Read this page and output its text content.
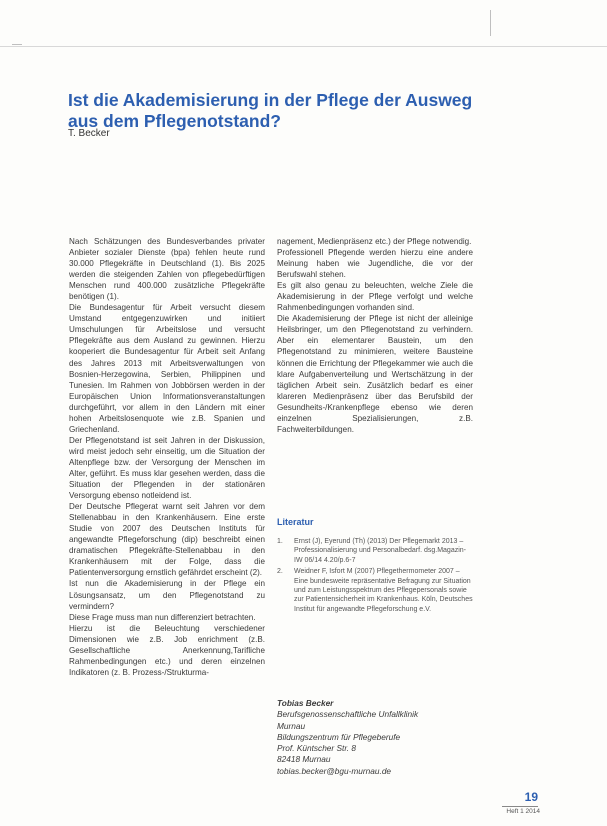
Ist die Akademisierung in der Pflege der Ausweg aus dem Pflegenotstand?
T. Becker

Nach Schätzungen des Bundesverbandes privater Anbieter sozialer Dienste (bpa) fehlen heute rund 30.000 Pflegekräfte in Deutschland (1). Bis 2025 werden die steigenden Zahlen von pflegebedürftigen Menschen rund 400.000 zusätzliche Pflegekräfte benötigen (1).

Die Bundesagentur für Arbeit versucht diesem Umstand entgegenzuwirken und initiiert Umschulungen für Arbeitslose und versucht Pflegekräfte aus dem Ausland zu gewinnen. Hierzu kooperiert die Bundesagentur für Arbeit seit Anfang des Jahres 2013 mit Arbeitsverwaltungen von Bosnien-Herzegowina, Serbien, Philippinen und Tunesien. Im Rahmen von Jobbörsen werden in der Europäischen Union Informationsveranstaltungen durchgeführt, vor allem in den Ländern mit einer hohen Arbeitslosenquote wie z.B. Spanien und Griechenland.

Der Pflegenotstand ist seit Jahren in der Diskussion, wird meist jedoch sehr einseitig, um die Situation der Altenpflege bzw. der Versorgung der Menschen im Alter, geführt. Es muss klar gesehen werden, dass die Situation der Pflegenden in der stationären Versorgung ebenso notleidend ist.

Der Deutsche Pflegerat warnt seit Jahren vor dem Stellenabbau in den Krankenhäusern. Eine erste Studie von 2007 des Deutschen Instituts für angewandte Pflegeforschung (dip) beschreibt einen dramatischen Pflegekräfte-Stellenabbau in den Krankenhäusern mit der Folge, dass die Patientenversorgung ernstlich gefährdet erscheint (2).

Ist nun die Akademisierung in der Pflege ein Lösungsansatz, um den Pflegenotstand zu vermindern?

Diese Frage muss man nun differenziert betrachten.

Hierzu ist die Beleuchtung verschiedener Dimensionen wie z.B. Job enrichment (z.B. Gesellschaftliche Anerkennung,Tarifliche Rahmenbedingungen etc.) und deren einzelnen Indikatoren (z. B. Prozess-/Strukturma-

nagement, Medienpräsenz etc.) der Pflege notwendig.

Professionell Pflegende werden hierzu eine andere Meinung haben wie Jugendliche, die vor der Berufswahl stehen.

Es gilt also genau zu beleuchten, welche Ziele die Akademisierung in der Pflege verfolgt und welche Rahmenbedingungen vorhanden sind.

Die Akademisierung der Pflege ist nicht der alleinige Heilsbringer, um den Pflegenotstand zu verhindern. Aber ein elementarer Baustein, um den Pflegenotstand zu minimieren, weitere Bausteine können die Errichtung der Pflegekammer wie auch die klare Aufgabenverteilung und Wertschätzung in der täglichen Arbeit sein. Zusätzlich bedarf es einer klareren Medienpräsenz über das Berufsbild der Gesundheits-/Krankenpflege ebenso wie deren einzelnen Spezialisierungen, z.B. Fachweiterbildungen.

Literatur
1.	Ernst (J), Eyerund (Th) (2013) Der Pflegemarkt 2013 – Professionalisierung und Personalbedarf. dsg.Magazin-IW 06/14 4.20/p.6-7
2.	Weidner F, Isfort M (2007) Pflegethermometer 2007 – Eine bundesweite repräsentative Befragung zur Situation und zum Leistungsspektrum des Pflegepersonals sowie zur Patientensicherheit im Krankenhaus. Köln, Deutsches Institut für angewandte Pflegeforschung e.V.
Tobias Becker
Berufsgenossenschaftliche Unfallklinik
Murnau
Bildungszentrum für Pflegeberufe
Prof. Küntscher Str. 8
82418 Murnau
tobias.becker@bgu-murnau.de
19
Heft 1 2014
